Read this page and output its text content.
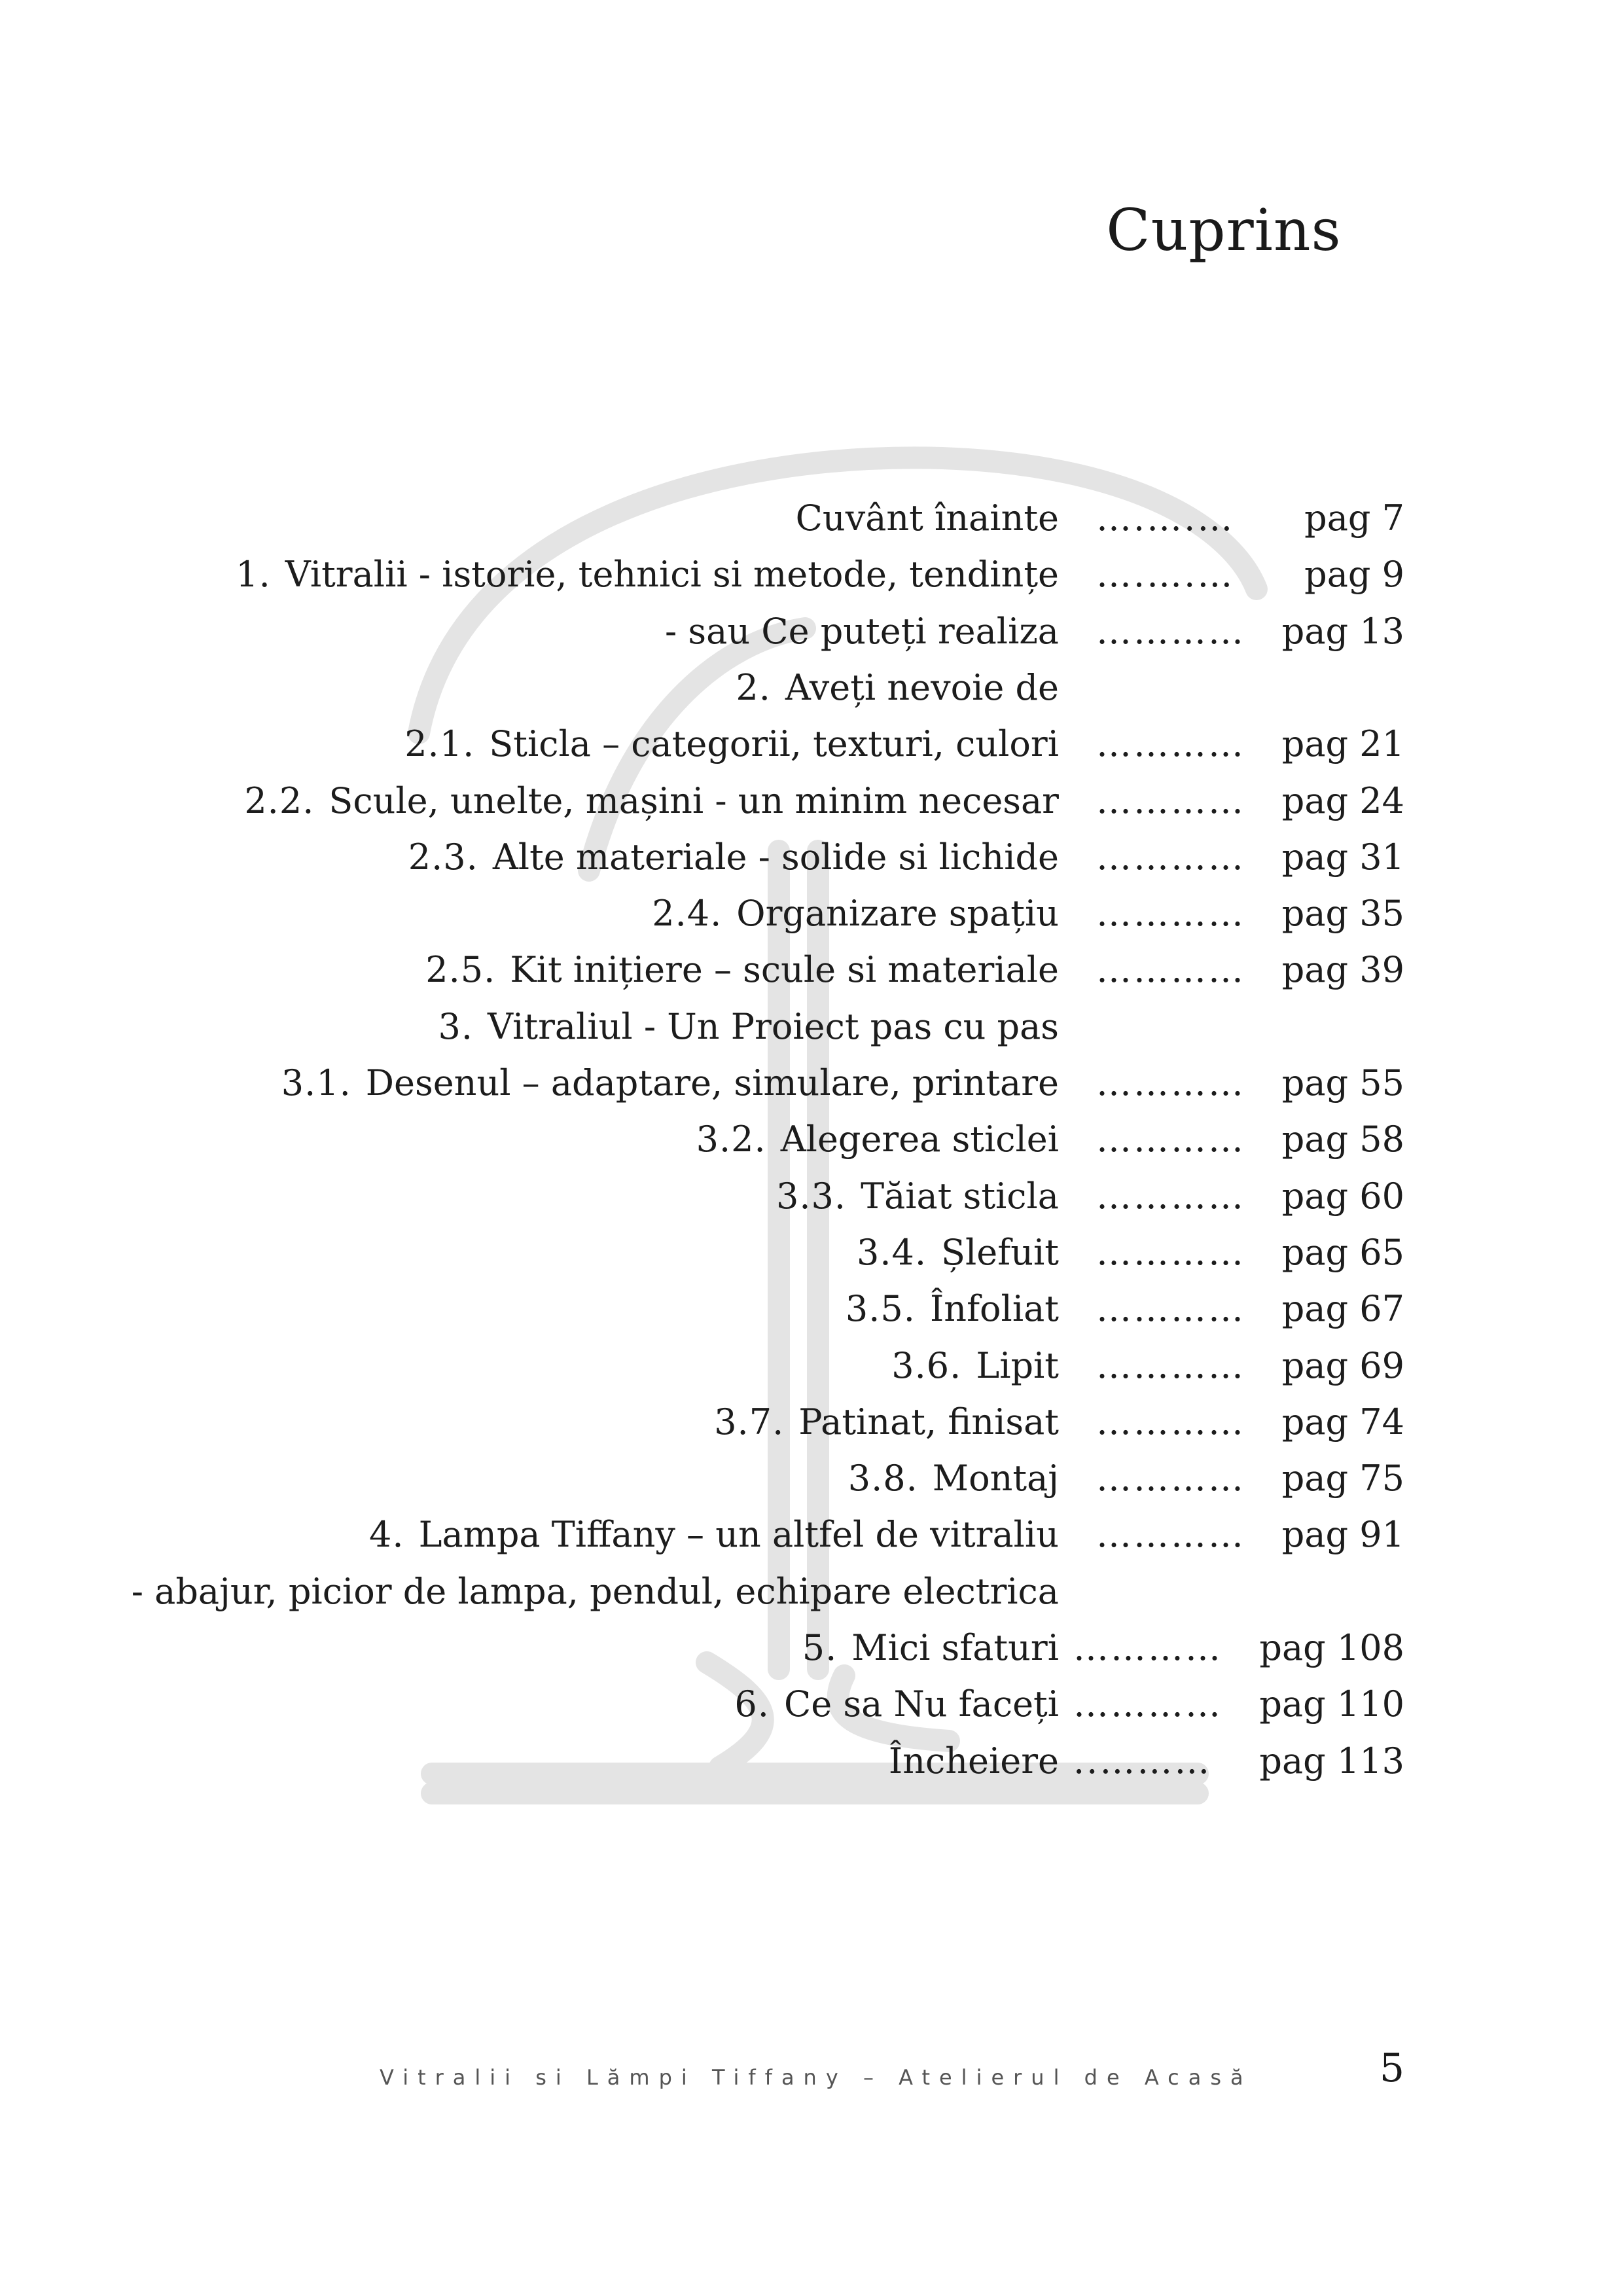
Cuprins
Cuvânt înainte ….….… pag 7
1. Vitralii - istorie, tehnici si metode, tendințe ….….… pag 9
- sau Ce puteți realiza ………… pag 13
2. Aveți nevoie de
2.1. Sticla – categorii, texturi, culori ………… pag 21
2.2. Scule, unelte, mașini - un minim necesar ………… pag 24
2.3. Alte materiale - solide si lichide ………… pag 31
2.4. Organizare spațiu ………… pag 35
2.5. Kit inițiere – scule si materiale ………… pag 39
3. Vitraliul - Un Proiect pas cu pas
3.1. Desenul – adaptare, simulare, printare ………… pag 55
3.2. Alegerea sticlei ………… pag 58
3.3. Tăiat sticla ………… pag 60
3.4. Șlefuit ………… pag 65
3.5. Înfoliat ………… pag 67
3.6. Lipit ………… pag 69
3.7. Patinat, finisat ………… pag 74
3.8. Montaj ………… pag 75
4. Lampa Tiffany – un altfel de vitraliu ………… pag 91
- abajur, picior de lampa, pendul, echipare electrica
5. Mici sfaturi ………… pag 108
6. Ce sa Nu faceți ………… pag 110
Încheiere ..……… pag 113
Vitralii si Lămpi Tiffany – Atelierul de Acasă	5
